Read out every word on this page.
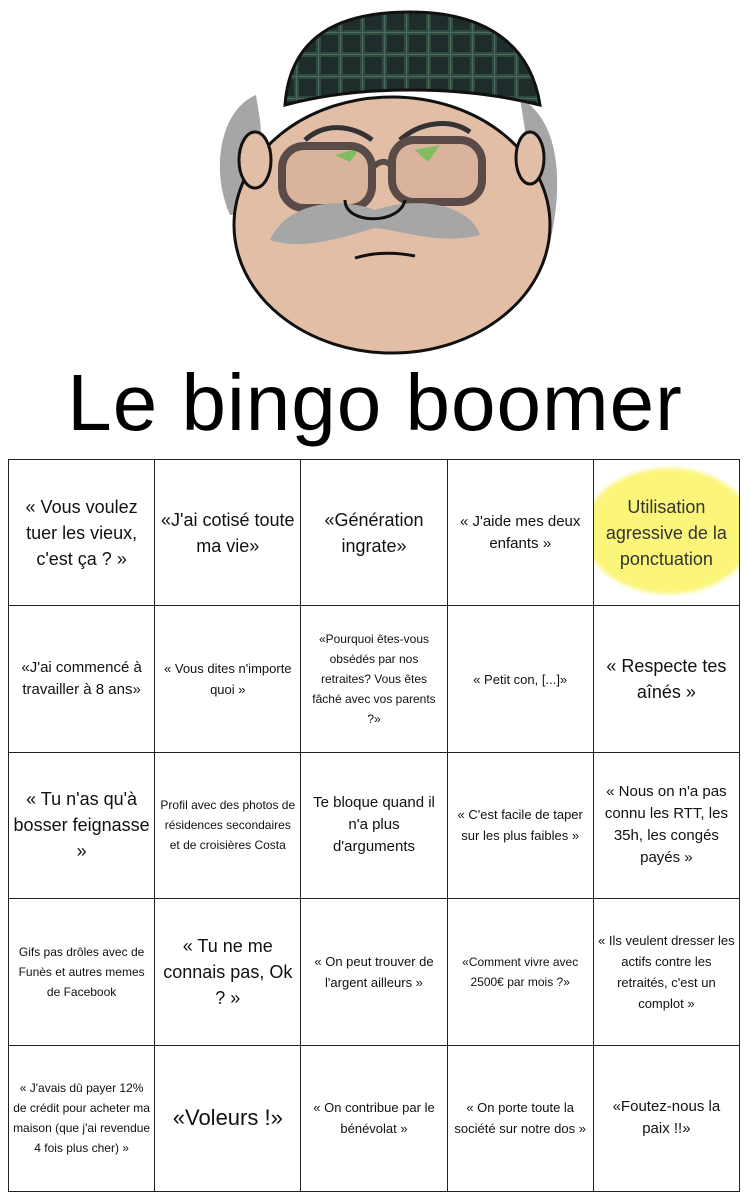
Le bingo boomer
« Vous voulez tuer les vieux, c'est ça ? »
«J'ai cotisé toute ma vie»
«Génération ingrate»
« J'aide mes deux enfants »
Utilisation agressive de la ponctuation
«J'ai commencé à travailler à 8 ans»
« Vous dites n'importe quoi »
«Pourquoi êtes-vous obsédés par nos retraites? Vous êtes fâché avec vos parents ?»
« Petit con, [...]»
« Respecte tes aînés »
« Tu n'as qu'à bosser feignasse »
Profil avec des photos de résidences secondaires et de croisières Costa
Te bloque quand il n'a plus d'arguments
« C'est facile de taper sur les plus faibles »
« Nous on n'a pas connu les RTT, les 35h, les congés payés »
Gifs pas drôles avec de Funès et autres memes de Facebook
« Tu ne me connais pas, Ok ? »
« On peut trouver de l'argent ailleurs »
«Comment vivre avec 2500€ par mois ?»
« Ils veulent dresser les actifs contre les retraités, c'est un complot »
« J'avais dû payer 12% de crédit pour acheter ma maison (que j'ai revendue 4 fois plus cher) »
«Voleurs !»	« On contribue par le bénévolat »
« On porte toute la société sur notre dos »
«Foutez-nous la paix !!»
